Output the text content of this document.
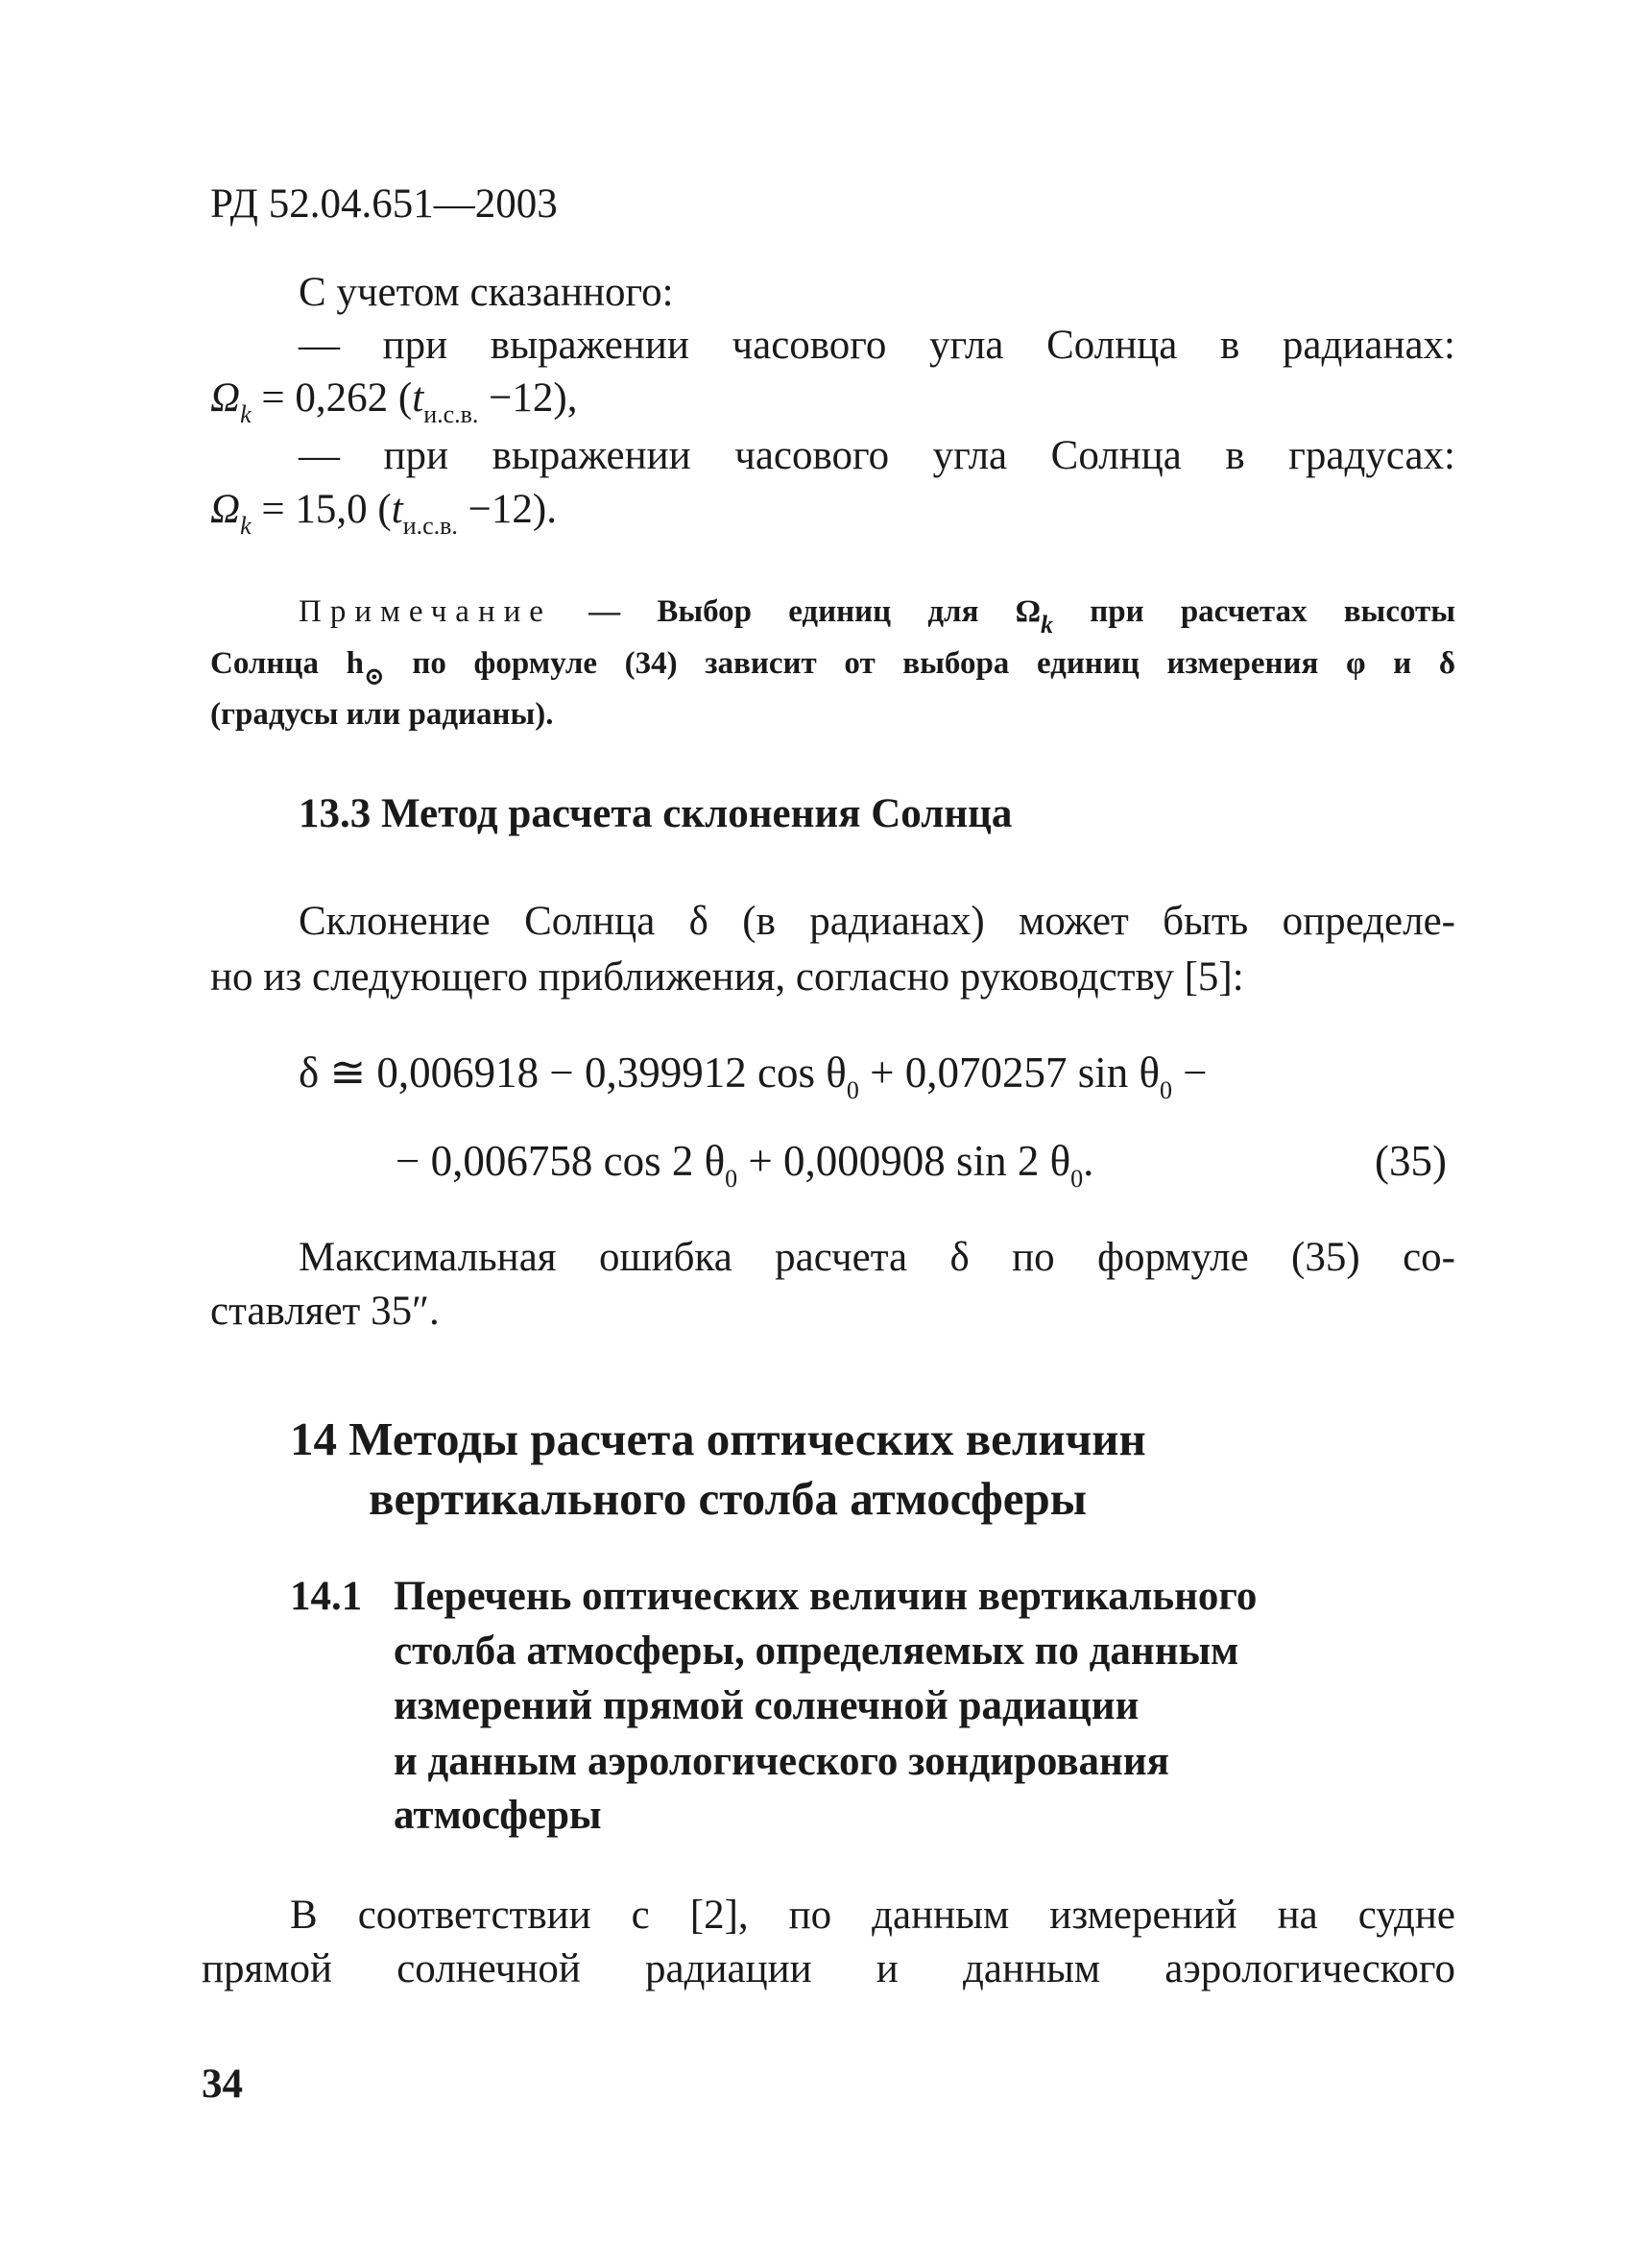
РД 52.04.651—2003
С учетом сказанного:
— при выражении часового угла Солнца в радианах:
$\Omega_k = 0,262$ $(t_{и.с.в.} -12)$,
— при выражении часового угла Солнца в градусах:
$\Omega_k = 15,0$ $(t_{и.с.в.} -12)$.
Примечание — Выбор единиц для $\Omega_k$ при расчетах высоты
Солнца $h_⊙$ по формуле (34) зависит от выбора единиц измерения φ и δ
(градусы или радианы).
13.3 Метод расчета склонения Солнца
Склонение Солнца δ (в радианах) может быть определе-
но из следующего приближения, согласно руководству [5]:
δ ≅ 0,006918 − 0,399912 $\cos \theta_0 + 0,070257$ $\sin \theta_0$ −
− 0,006758 cos 2 $\theta_0 + 0,000908$ sin 2 $\theta_0$.	(35)
Максимальная ошибка расчета δ по формуле (35) со-
ставляет 35″.
14 Методы расчета оптических величин
вертикального столба атмосферы
14.1 Перечень оптических величин вертикального
столба атмосферы, определяемых по данным
измерений прямой солнечной радиации
и данным аэрологического зондирования
атмосферы
В соответствии с [2], по данным измерений на судне
прямой солнечной радиации и данным аэрологического
34
